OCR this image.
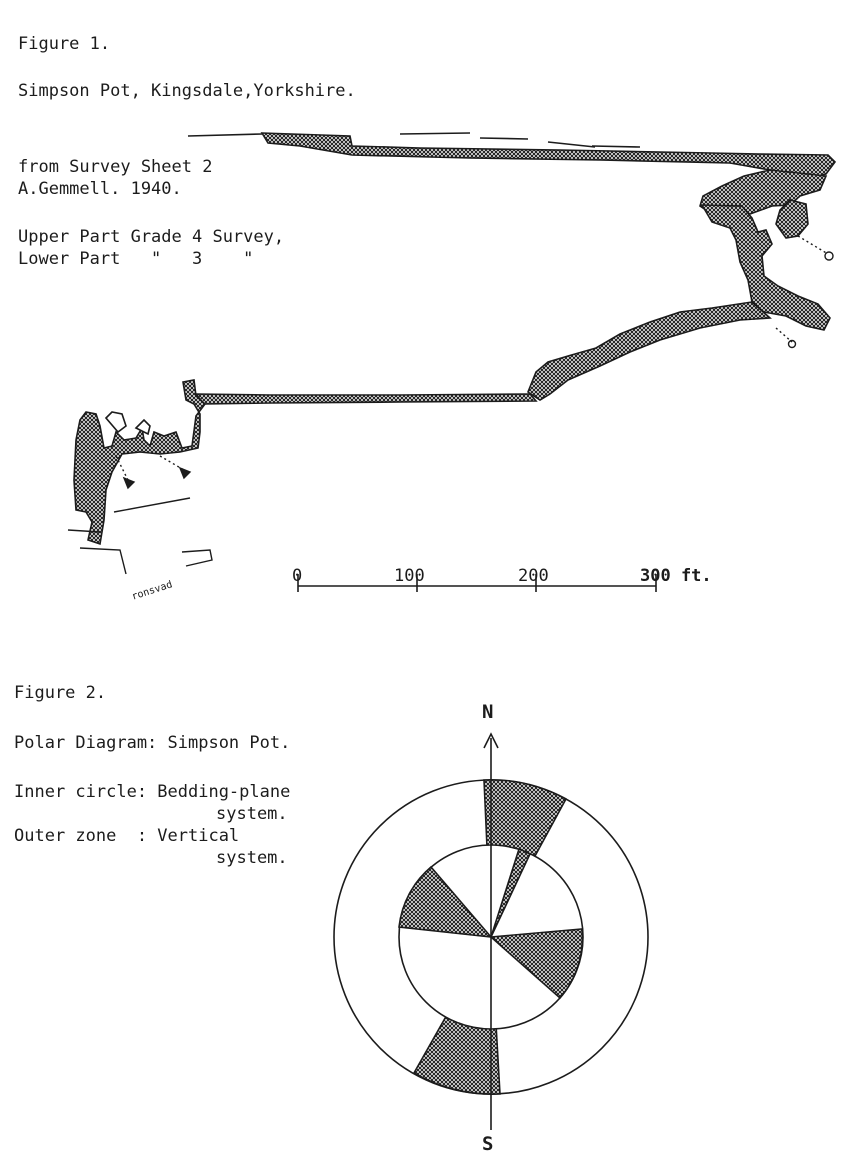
Figure 1.
Simpson Pot, Kingsdale,Yorkshire.
from Survey Sheet 2
A.Gemmell. 1940.
Upper Part Grade 4 Survey,
Lower Part   "   3    "
Figure 2.
Polar Diagram: Simpson Pot.
Inner circle: Bedding-plane
system.
Outer zone  : Vertical
system.
0	100	200	300 ft.
ronsvad
N
S
